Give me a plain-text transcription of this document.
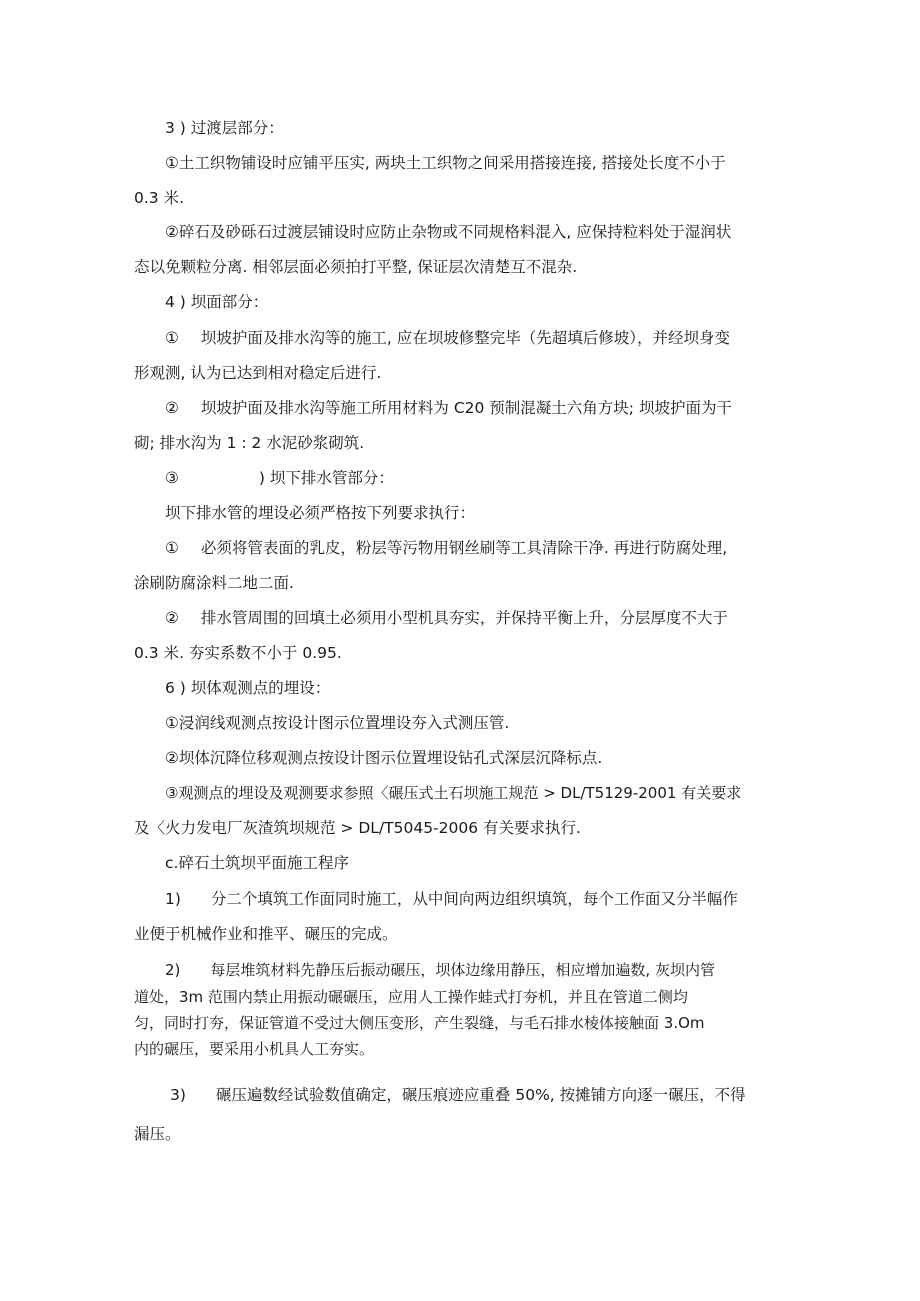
3 ) 过渡层部分：

①土工织物铺设时应铺平压实, 两块土工织物之间采用搭接连接, 搭接处长度不小于

0.3 米.

②碎石及砂砾石过渡层铺设时应防止杂物或不同规格料混入, 应保持粒料处于湿润状

态以免颗粒分离. 相邻层面必须拍打平整, 保证层次清楚互不混杂.

4 ) 坝面部分：

① 坝坡护面及排水沟等的施工, 应在坝坡修整完毕（先超填后修坡），并经坝身变

形观测, 认为已达到相对稳定后进行.

② 坝坡护面及排水沟等施工所用材料为 C20 预制混凝土六角方块; 坝坡护面为干

砌; 排水沟为 1 : 2 水泥砂浆砌筑.

③	) 坝下排水管部分：

坝下排水管的埋设必须严格按下列要求执行：

① 必须将管表面的乳皮，粉层等污物用钢丝刷等工具清除干净. 再进行防腐处理,

涂刷防腐涂料二地二面.

② 排水管周围的回填土必须用小型机具夯实，并保持平衡上升，分层厚度不大于

0.3 米. 夯实系数不小于 0.95.

6 ) 坝体观测点的埋设：

①浸润线观测点按设计图示位置埋设夯入式测压管.

②坝体沉降位移观测点按设计图示位置埋设钻孔式深层沉降标点.

③观测点的埋设及观测要求参照〈碾压式土石坝施工规范 > DL/T5129-2001 有关要求

及〈火力发电厂灰渣筑坝规范 > DL/T5045-2006 有关要求执行.

c.碎石土筑坝平面施工程序

1) 分二个填筑工作面同时施工，从中间向两边组织填筑，每个工作面又分半幅作

业便于机械作业和推平、碾压的完成。

2) 每层堆筑材料先静压后振动碾压，坝体边缘用静压，相应增加遍数, 灰坝内管

道处，3m 范围内禁止用振动碾碾压，应用人工操作蛙式打夯机，并且在管道二侧均

匀，同时打夯，保证管道不受过大侧压变形，产生裂缝，与毛石排水棱体接触面 3.Om

内的碾压，要采用小机具人工夯实。

3) 碾压遍数经试验数值确定，碾压痕迹应重叠 50%, 按摊铺方向逐一碾压，不得

漏压。
